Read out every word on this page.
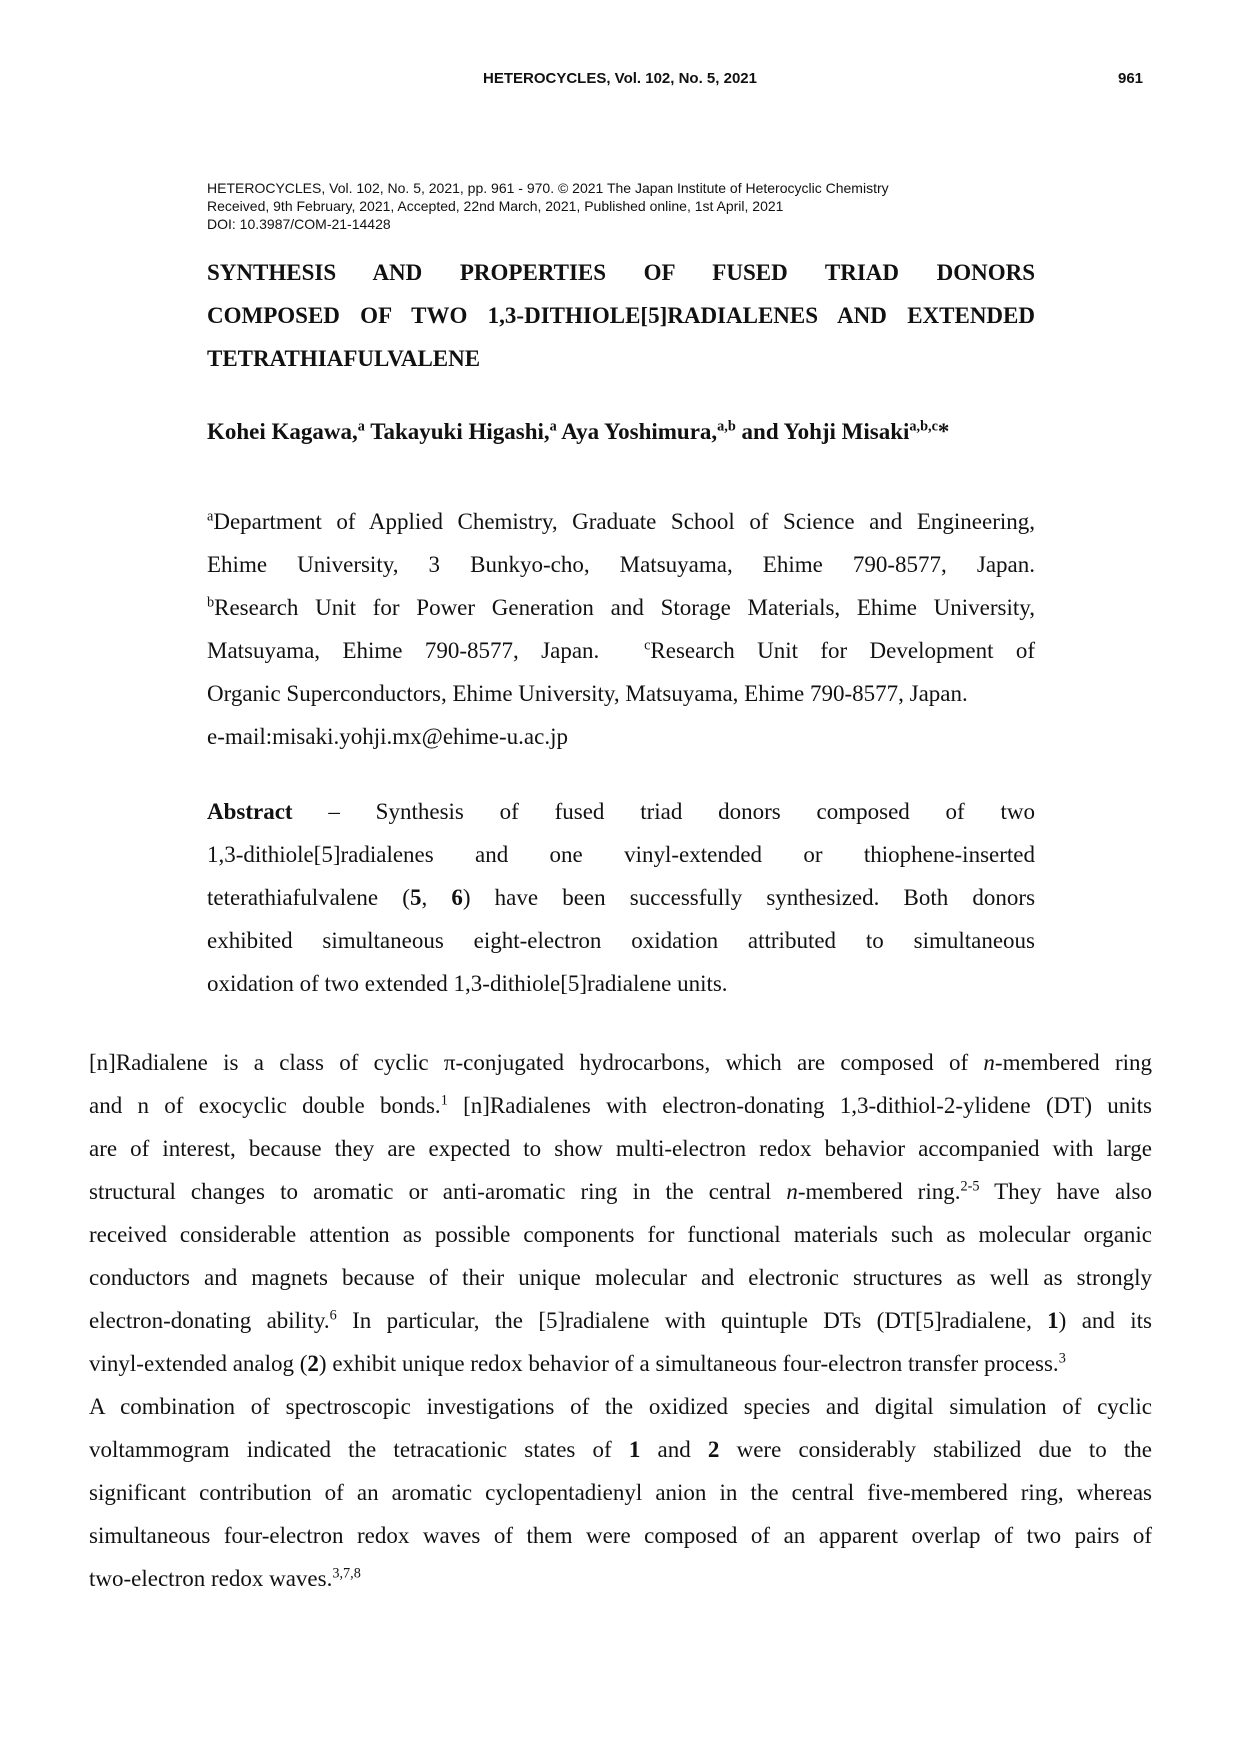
HETEROCYCLES, Vol. 102, No. 5, 2021	961
HETEROCYCLES, Vol. 102, No. 5, 2021, pp. 961 - 970. © 2021 The Japan Institute of Heterocyclic Chemistry
Received, 9th February, 2021, Accepted, 22nd March, 2021, Published online, 1st April, 2021
DOI: 10.3987/COM-21-14428
SYNTHESIS AND PROPERTIES OF FUSED TRIAD DONORS
COMPOSED OF TWO 1,3-DITHIOLE[5]RADIALENES AND EXTENDED
TETRATHIAFULVALENE
Kohei Kagawa,$^a$ Takayuki Higashi,$^a$ Aya Yoshimura,$^{a,b}$ and Yohji Misaki$^{a,b,c}$*
$^a$Department of Applied Chemistry, Graduate School of Science and Engineering,
Ehime University, 3 Bunkyo-cho, Matsuyama, Ehime 790-8577, Japan.
$^b$Research Unit for Power Generation and Storage Materials, Ehime University,
Matsuyama, Ehime 790-8577, Japan.	$^c$Research Unit for Development of
Organic Superconductors, Ehime University, Matsuyama, Ehime 790-8577, Japan.
e-mail:misaki.yohji.mx@ehime-u.ac.jp
Abstract – Synthesis of fused triad donors composed of two
1,3-dithiole[5]radialenes and one vinyl-extended or thiophene-inserted
teterathiafulvalene (5, 6) have been successfully synthesized. Both donors
exhibited simultaneous eight-electron oxidation attributed to simultaneous
oxidation of two extended 1,3-dithiole[5]radialene units.
[n]Radialene is a class of cyclic π-conjugated hydrocarbons, which are composed of n-membered ring
and n of exocyclic double bonds.$^1$ [n]Radialenes with electron-donating 1,3-dithiol-2-ylidene (DT) units
are of interest, because they are expected to show multi-electron redox behavior accompanied with large
structural changes to aromatic or anti-aromatic ring in the central n-membered ring.$^{2-5}$ They have also
received considerable attention as possible components for functional materials such as molecular organic
conductors and magnets because of their unique molecular and electronic structures as well as strongly
electron-donating ability.$^6$ In particular, the [5]radialene with quintuple DTs (DT[5]radialene, 1) and its
vinyl-extended analog (2) exhibit unique redox behavior of a simultaneous four-electron transfer process.$^3$
A combination of spectroscopic investigations of the oxidized species and digital simulation of cyclic
voltammogram indicated the tetracationic states of 1 and 2 were considerably stabilized due to the
significant contribution of an aromatic cyclopentadienyl anion in the central five-membered ring, whereas
simultaneous four-electron redox waves of them were composed of an apparent overlap of two pairs of
two-electron redox waves.$^{3,7,8}$
